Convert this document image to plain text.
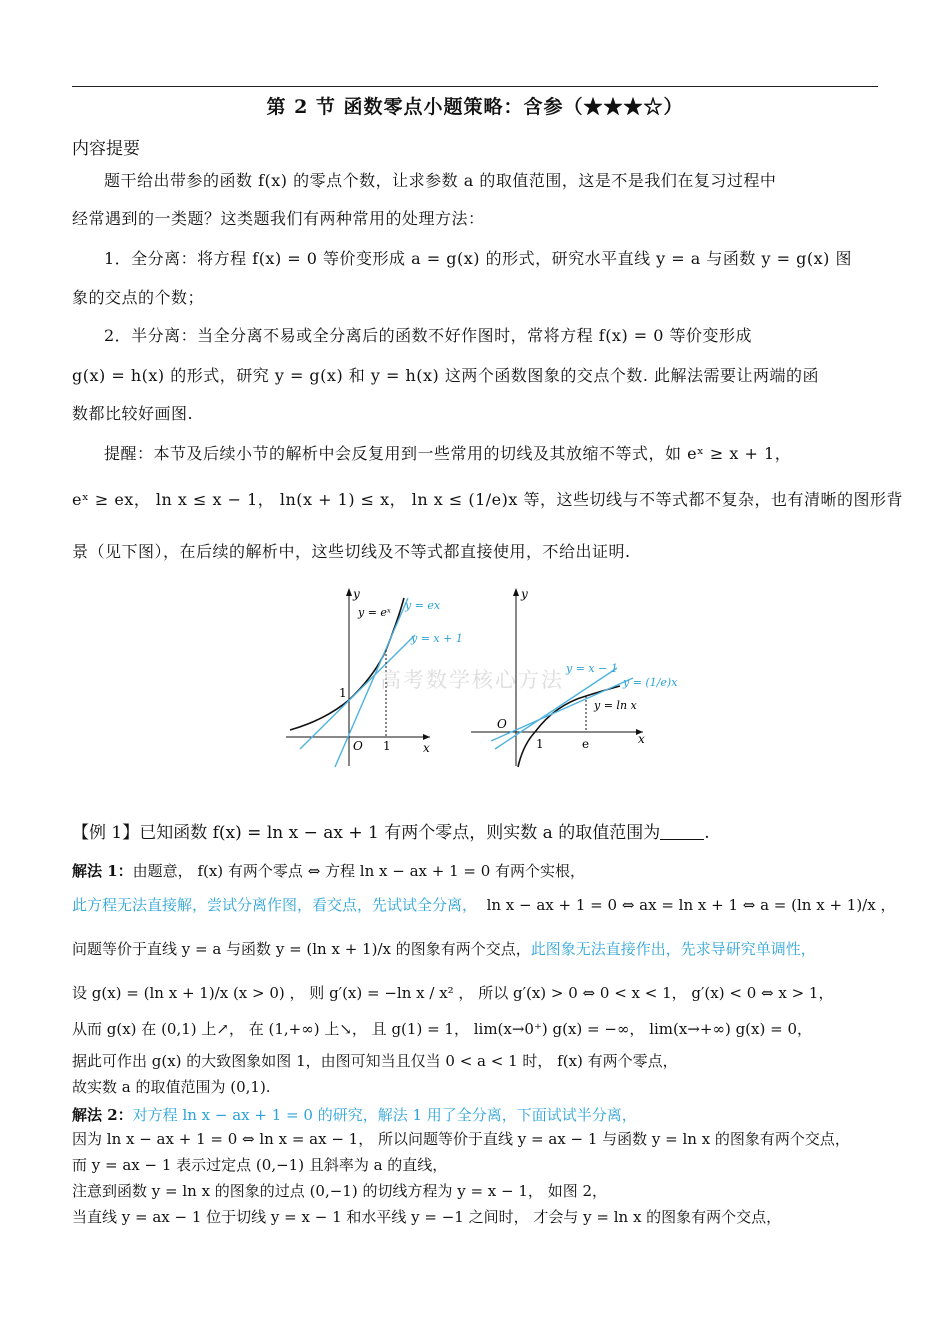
第 2 节 函数零点小题策略：含参（★★★☆）
内容提要
题干给出带参的函数 f(x) 的零点个数，让求参数 a 的取值范围，这是不是我们在复习过程中
经常遇到的一类题？这类题我们有两种常用的处理方法：
1．全分离：将方程 f(x) = 0 等价变形成 a = g(x) 的形式，研究水平直线 y = a 与函数 y = g(x) 图
象的交点的个数；
2．半分离：当全分离不易或全分离后的函数不好作图时，常将方程 f(x) = 0 等价变形成
g(x) = h(x) 的形式，研究 y = g(x) 和 y = h(x) 这两个函数图象的交点个数. 此解法需要让两端的函
数都比较好画图.
提醒：本节及后续小节的解析中会反复用到一些常用的切线及其放缩不等式，如 eˣ ≥ x + 1，
eˣ ≥ ex， ln x ≤ x − 1， ln(x + 1) ≤ x， ln x ≤ (1/e)x 等，这些切线与不等式都不复杂，也有清晰的图形背
景（见下图），在后续的解析中，这些切线及不等式都直接使用，不给出证明.
y
x
O 1
1
y = eˣ
y = ex
y = x + 1
y
x
O
1	e
y = ln x
y = x − 1
y = (1/e)x
高考数学核心方法
【例 1】已知函数 f(x) = ln x − ax + 1 有两个零点，则实数 a 的取值范围为	.
解法 1：由题意， f(x) 有两个零点 ⇔ 方程 ln x − ax + 1 = 0 有两个实根，
此方程无法直接解，尝试分离作图，看交点，先试试全分离， ln x − ax + 1 = 0 ⇔ ax = ln x + 1 ⇔ a = (ln x + 1)/x ，
问题等价于直线 y = a 与函数 y = (ln x + 1)/x 的图象有两个交点，此图象无法直接作出，先求导研究单调性，
设 g(x) = (ln x + 1)/x (x > 0) ， 则 g′(x) = −ln x / x² ， 所以 g′(x) > 0 ⇔ 0 < x < 1， g′(x) < 0 ⇔ x > 1，
从而 g(x) 在 (0,1) 上↗， 在 (1,+∞) 上↘， 且 g(1) = 1， lim(x→0⁺) g(x) = −∞， lim(x→+∞) g(x) = 0，
据此可作出 g(x) 的大致图象如图 1，由图可知当且仅当 0 < a < 1 时， f(x) 有两个零点，
故实数 a 的取值范围为 (0,1).
解法 2：对方程 ln x − ax + 1 = 0 的研究，解法 1 用了全分离，下面试试半分离，
因为 ln x − ax + 1 = 0 ⇔ ln x = ax − 1， 所以问题等价于直线 y = ax − 1 与函数 y = ln x 的图象有两个交点，
而 y = ax − 1 表示过定点 (0,−1) 且斜率为 a 的直线，
注意到函数 y = ln x 的图象的过点 (0,−1) 的切线方程为 y = x − 1， 如图 2，
当直线 y = ax − 1 位于切线 y = x − 1 和水平线 y = −1 之间时， 才会与 y = ln x 的图象有两个交点，
